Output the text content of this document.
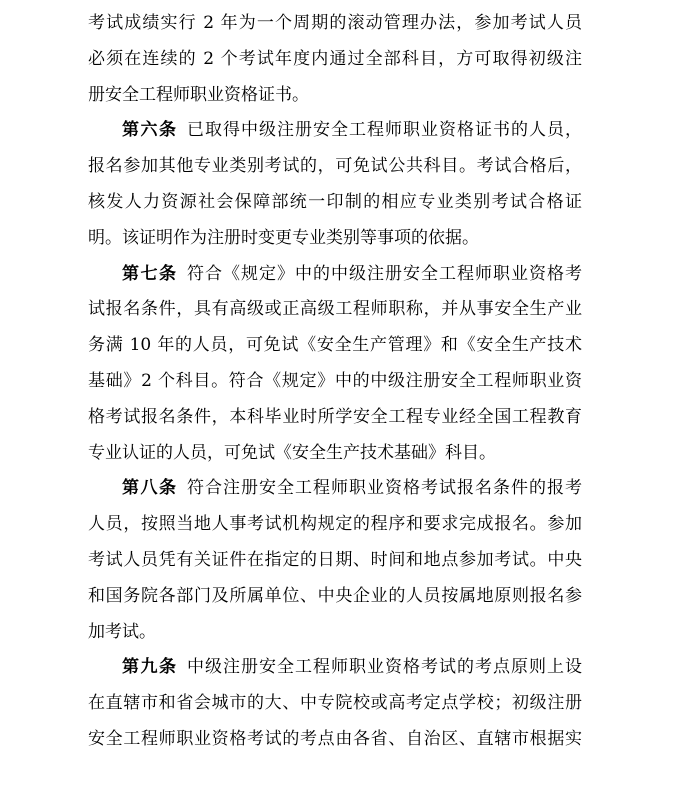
考试成绩实行 2 年为一个周期的滚动管理办法，参加考试人员
必须在连续的 2 个考试年度内通过全部科目，方可取得初级注
册安全工程师职业资格证书。
第六条  已取得中级注册安全工程师职业资格证书的人员，
报名参加其他专业类别考试的，可免试公共科目。考试合格后，
核发人力资源社会保障部统一印制的相应专业类别考试合格证
明。该证明作为注册时变更专业类别等事项的依据。
第七条  符合《规定》中的中级注册安全工程师职业资格考
试报名条件，具有高级或正高级工程师职称，并从事安全生产业
务满 10 年的人员，可免试《安全生产管理》和《安全生产技术
基础》2 个科目。符合《规定》中的中级注册安全工程师职业资
格考试报名条件，本科毕业时所学安全工程专业经全国工程教育
专业认证的人员，可免试《安全生产技术基础》科目。
第八条  符合注册安全工程师职业资格考试报名条件的报考
人员，按照当地人事考试机构规定的程序和要求完成报名。参加
考试人员凭有关证件在指定的日期、时间和地点参加考试。中央
和国务院各部门及所属单位、中央企业的人员按属地原则报名参
加考试。
第九条  中级注册安全工程师职业资格考试的考点原则上设
在直辖市和省会城市的大、中专院校或高考定点学校；初级注册
安全工程师职业资格考试的考点由各省、自治区、直辖市根据实
